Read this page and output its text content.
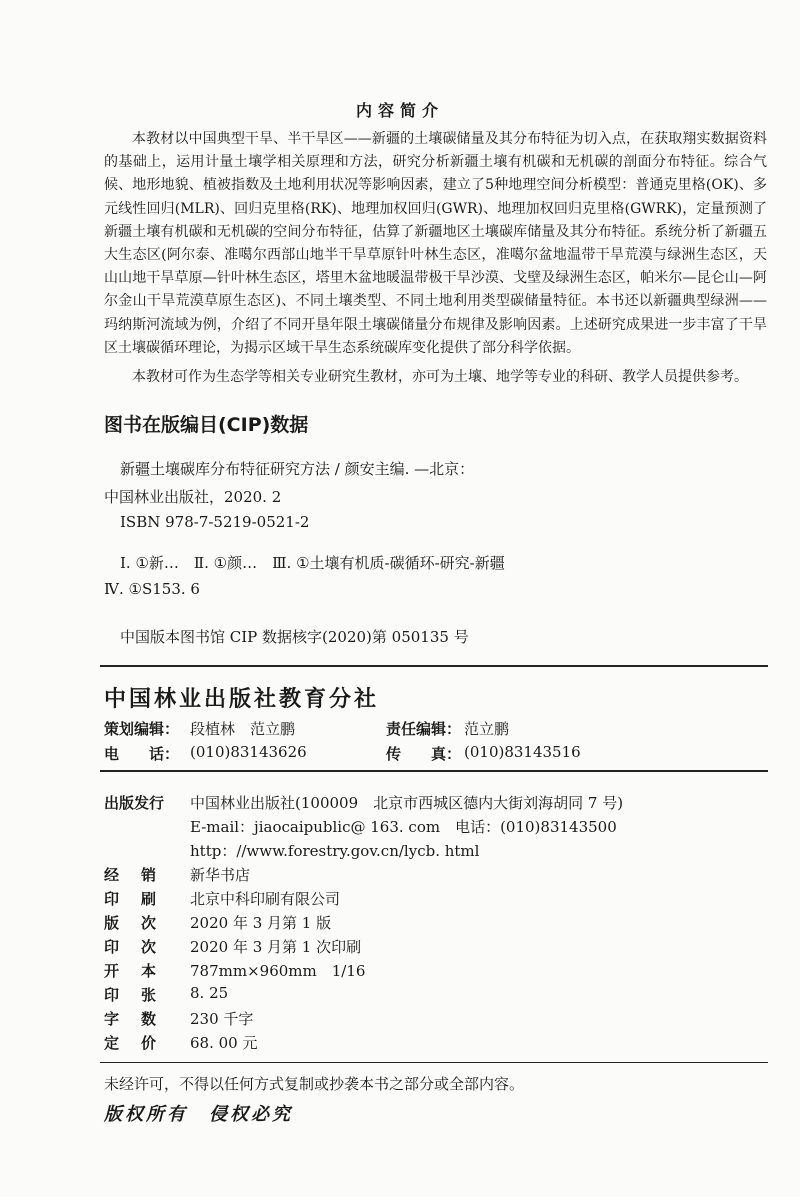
内容简介
本教材以中国典型干旱、半干旱区——新疆的土壤碳储量及其分布特征为切入点，在获取翔实数据资料的基础上，运用计量土壤学相关原理和方法，研究分析新疆土壤有机碳和无机碳的剖面分布特征。综合气候、地形地貌、植被指数及土地利用状况等影响因素，建立了5种地理空间分析模型：普通克里格(OK)、多元线性回归(MLR)、回归克里格(RK)、地理加权回归(GWR)、地理加权回归克里格(GWRK)，定量预测了新疆土壤有机碳和无机碳的空间分布特征，估算了新疆地区土壤碳库储量及其分布特征。系统分析了新疆五大生态区(阿尔泰、准噶尔西部山地半干旱草原针叶林生态区，准噶尔盆地温带干旱荒漠与绿洲生态区，天山山地干旱草原—针叶林生态区，塔里木盆地暖温带极干旱沙漠、戈壁及绿洲生态区，帕米尔—昆仑山—阿尔金山干旱荒漠草原生态区)、不同土壤类型、不同土地利用类型碳储量特征。本书还以新疆典型绿洲——玛纳斯河流域为例，介绍了不同开垦年限土壤碳储量分布规律及影响因素。上述研究成果进一步丰富了干旱区土壤碳循环理论，为揭示区域干旱生态系统碳库变化提供了部分科学依据。
本教材可作为生态学等相关专业研究生教材，亦可为土壤、地学等专业的科研、教学人员提供参考。
图书在版编目(CIP)数据
新疆土壤碳库分布特征研究方法 / 颜安主编. —北京：
中国林业出版社，2020. 2
ISBN 978-7-5219-0521-2
Ⅰ. ①新…　Ⅱ. ①颜…　Ⅲ. ①土壤有机质-碳循环-研究-新疆
Ⅳ. ①S153. 6
中国版本图书馆 CIP 数据核字(2020)第 050135 号
中国林业出版社教育分社
策划编辑： 段植林　范立鹏	责任编辑： 范立鹏
电　　话： (010)83143626	传　　真： (010)83143516
出版发行 中国林业出版社(100009　北京市西城区德内大街刘海胡同 7 号)
E-mail：jiaocaipublic@ 163. com　电话：(010)83143500
http：//www.forestry.gov.cn/lycb. html
经销 新华书店
印刷 北京中科印刷有限公司
版次 2020 年 3 月第 1 版
印次 2020 年 3 月第 1 次印刷
开本 787mm×960mm　1/16
印张 8. 25
字数 230 千字
定价 68. 00 元
未经许可，不得以任何方式复制或抄袭本书之部分或全部内容。
版权所有　侵权必究
